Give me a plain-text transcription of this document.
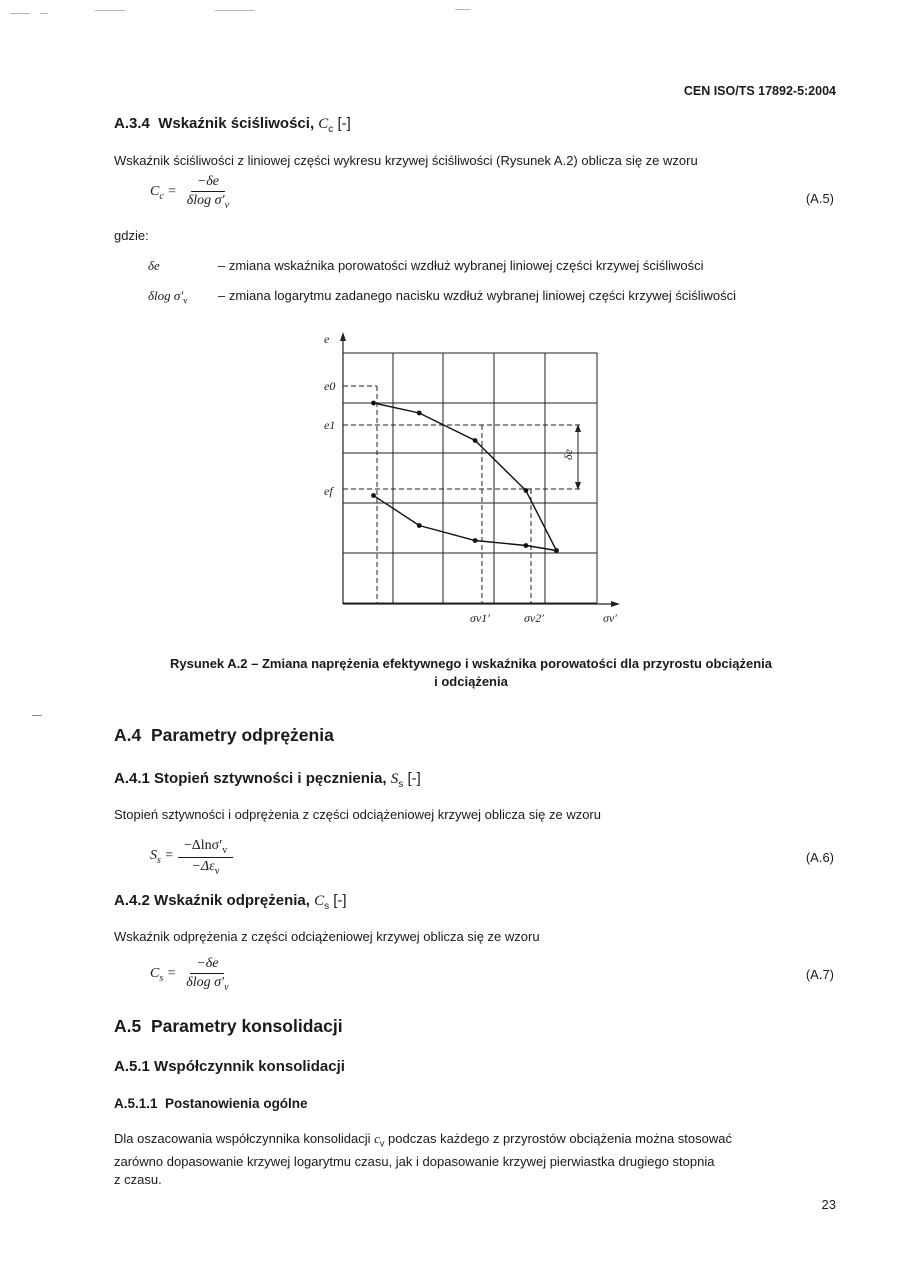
CEN ISO/TS 17892-5:2004
A.3.4 Wskaźnik ściśliwości, $C_c$ [-]
Wskaźnik ściśliwości z liniowej części wykresu krzywej ściśliwości (Rysunek A.2) oblicza się ze wzoru
$C_c = \frac{-\delta e}{\delta\log \sigma'_v}$	(A.5)
gdzie:
δe	– zmiana wskaźnika porowatości wzdłuż wybranej liniowej części krzywej ściśliwości
δlog $\sigma'_v$ – zmiana logarytmu zadanego nacisku wzdłuż wybranej liniowej części krzywej ściśliwości
e
e0
e1
ef
σv1′	σv2′	σv′
δe
Rysunek A.2 – Zmiana naprężenia efektywnego i wskaźnika porowatości dla przyrostu obciążenia
i odciążenia
A.4 Parametry odprężenia
A.4.1 Stopień sztywności i pęcznienia, $S_s$ [-]
Stopień sztywności i odprężenia z części odciążeniowej krzywej oblicza się ze wzoru
$S_s = \frac{-\Delta\ln\sigma'_v}{-\Delta\varepsilon_v}$	(A.6)
A.4.2 Wskaźnik odprężenia, $C_s$ [-]
Wskaźnik odprężenia z części odciążeniowej krzywej oblicza się ze wzoru
$C_s = \frac{-\delta e}{\delta\log \sigma'_v}$	(A.7)
A.5 Parametry konsolidacji
A.5.1 Współczynnik konsolidacji
A.5.1.1 Postanowienia ogólne
Dla oszacowania współczynnika konsolidacji $c_v$ podczas każdego z przyrostów obciążenia można stosować
zarówno dopasowanie krzywej logarytmu czasu, jak i dopasowanie krzywej pierwiastka drugiego stopnia
z czasu.
23
